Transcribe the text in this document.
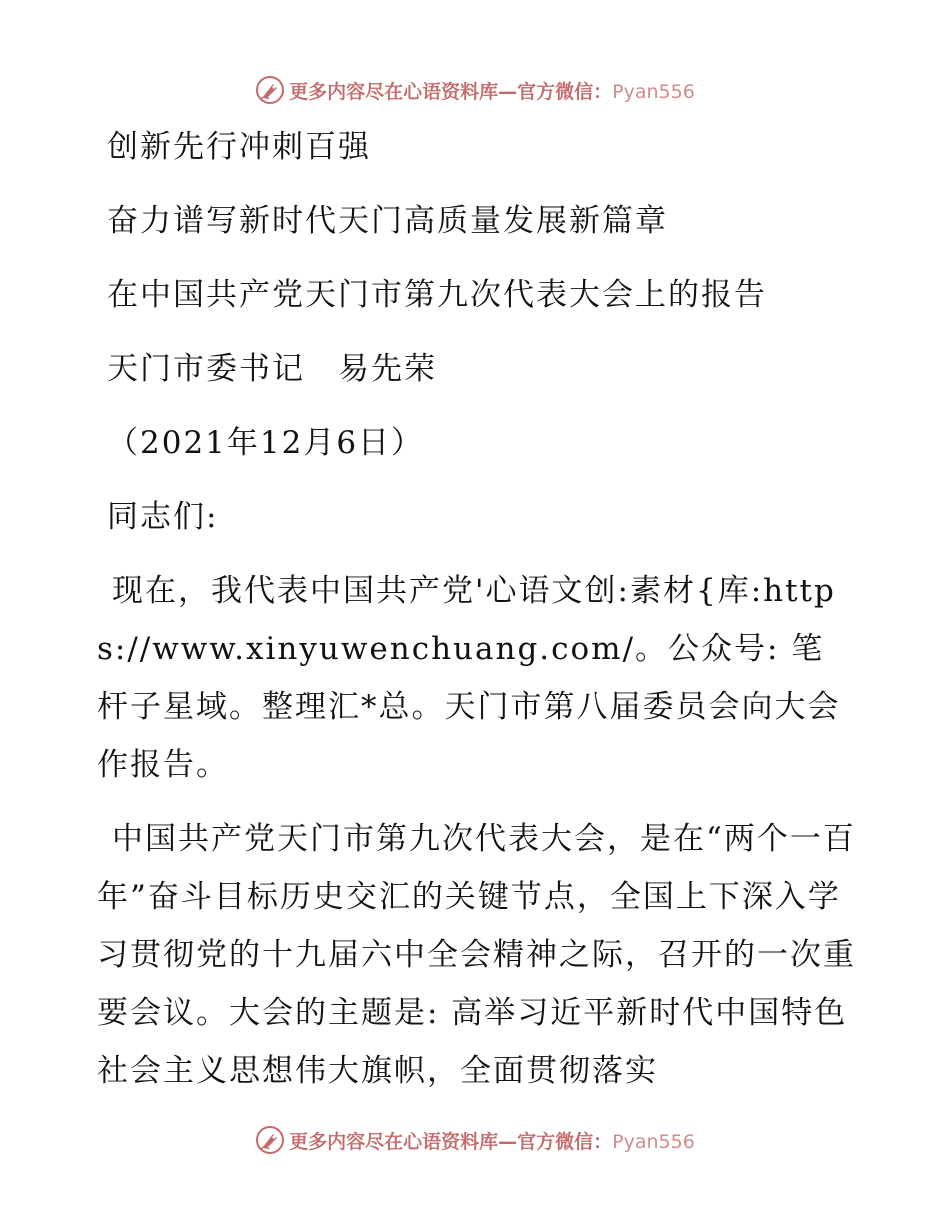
更多内容尽在心语资料库—官方微信：Pyan556
创新先行冲刺百强
奋力谱写新时代天门高质量发展新篇章
在中国共产党天门市第九次代表大会上的报告
天门市委书记　易先荣
（2021年12月6日）
同志们:
现在，我代表中国共产党'心语文创:素材{库:https://www.xinyuwenchuang.com/。公众号: 笔杆子星域。整理汇*总。天门市第八届委员会向大会作报告。
中国共产党天门市第九次代表大会，是在“两个一百年”奋斗目标历史交汇的关键节点，全国上下深入学习贯彻党的十九届六中全会精神之际，召开的一次重要会议。大会的主题是: 高举习近平新时代中国特色社会主义思想伟大旗帜，全面贯彻落实
更多内容尽在心语资料库—官方微信：Pyan556
